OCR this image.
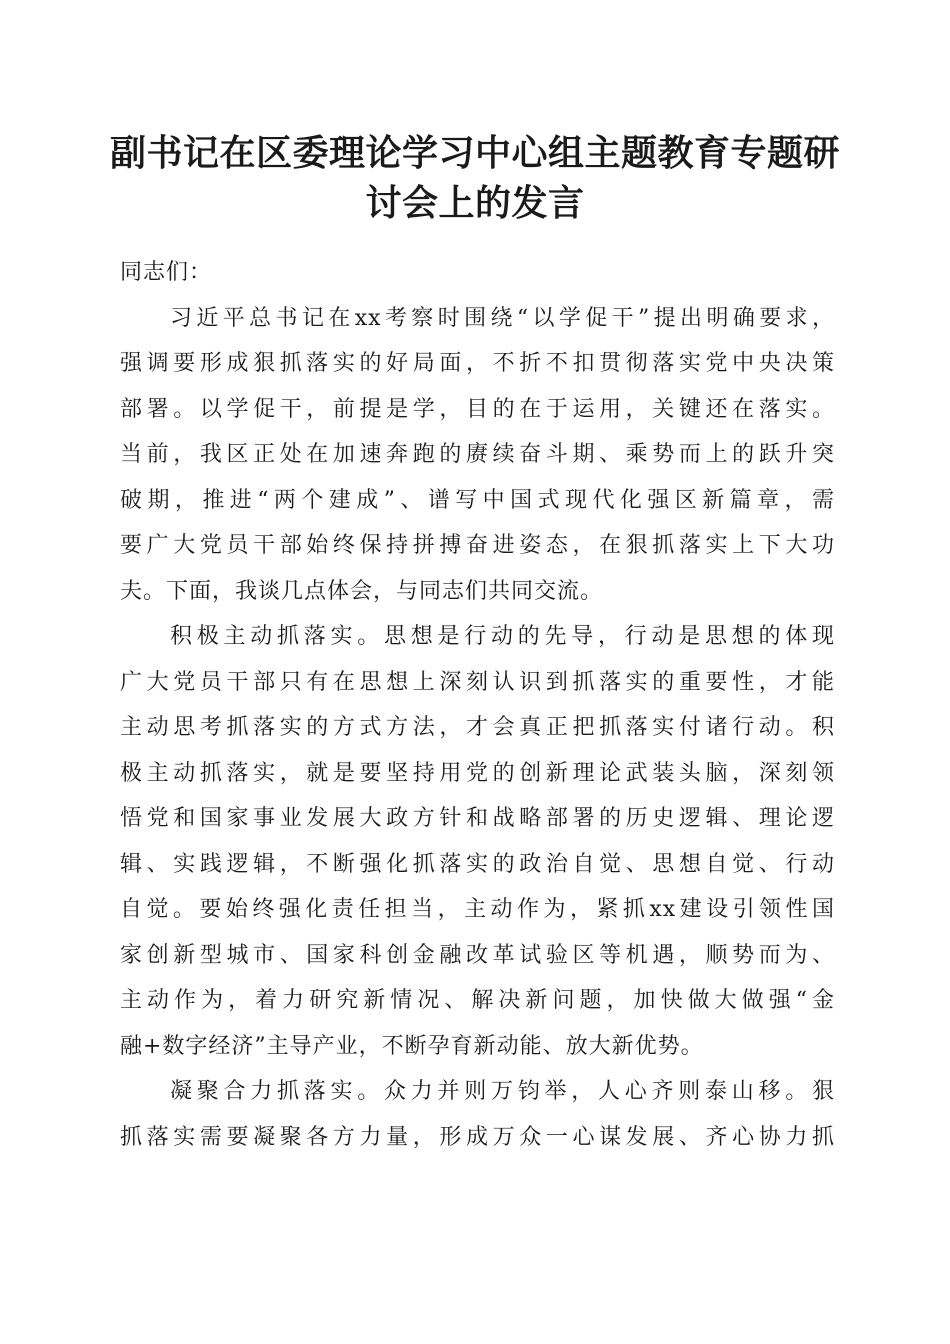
副书记在区委理论学习中心组主题教育专题研
讨会上的发言

同志们：

习近平总书记在xx考察时围绕“以学促干”提出明确要求，
强调要形成狠抓落实的好局面，不折不扣贯彻落实党中央决策
部署。以学促干，前提是学，目的在于运用，关键还在落实。
当前，我区正处在加速奔跑的赓续奋斗期、乘势而上的跃升突
破期，推进“两个建成”、谱写中国式现代化强区新篇章，需
要广大党员干部始终保持拼搏奋进姿态，在狠抓落实上下大功
夫。下面，我谈几点体会，与同志们共同交流。

积极主动抓落实。思想是行动的先导，行动是思想的体现
广大党员干部只有在思想上深刻认识到抓落实的重要性，才能
主动思考抓落实的方式方法，才会真正把抓落实付诸行动。积
极主动抓落实，就是要坚持用党的创新理论武装头脑，深刻领
悟党和国家事业发展大政方针和战略部署的历史逻辑、理论逻
辑、实践逻辑，不断强化抓落实的政治自觉、思想自觉、行动
自觉。要始终强化责任担当，主动作为，紧抓xx建设引领性国
家创新型城市、国家科创金融改革试验区等机遇，顺势而为、
主动作为，着力研究新情况、解决新问题，加快做大做强“金
融+数字经济”主导产业，不断孕育新动能、放大新优势。

凝聚合力抓落实。众力并则万钧举，人心齐则泰山移。狠
抓落实需要凝聚各方力量，形成万众一心谋发展、齐心协力抓
